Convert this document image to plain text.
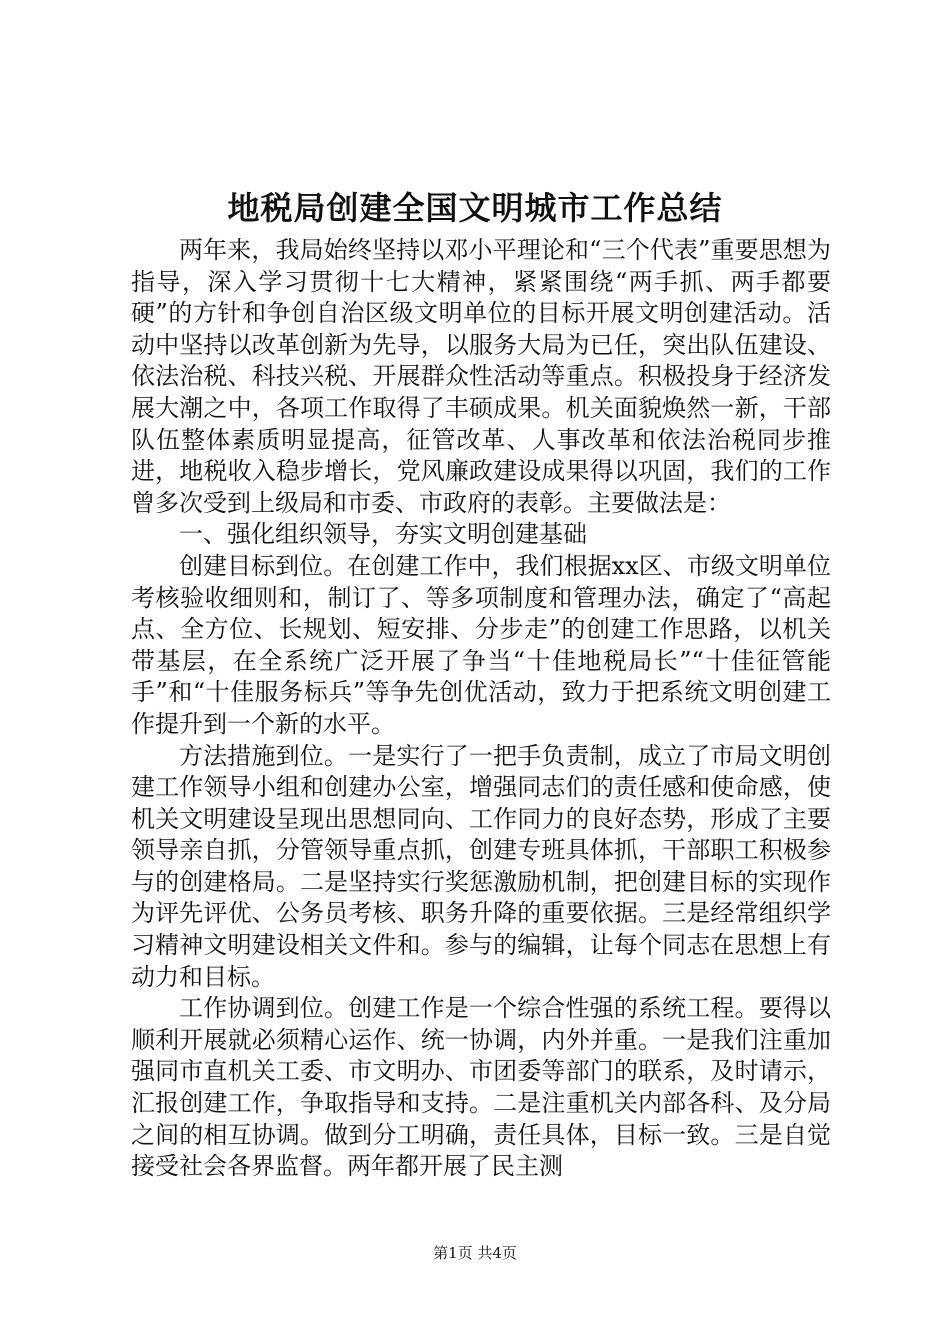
地税局创建全国文明城市工作总结

两年来，我局始终坚持以邓小平理论和“三个代表”重要思想为指导，深入学习贯彻十七大精神，紧紧围绕“两手抓、两手都要硬”的方针和争创自治区级文明单位的目标开展文明创建活动。活动中坚持以改革创新为先导，以服务大局为已任，突出队伍建设、依法治税、科技兴税、开展群众性活动等重点。积极投身于经济发展大潮之中，各项工作取得了丰硕成果。机关面貌焕然一新，干部队伍整体素质明显提高，征管改革、人事改革和依法治税同步推进，地税收入稳步增长，党风廉政建设成果得以巩固，我们的工作曾多次受到上级局和市委、市政府的表彰。主要做法是：

一、强化组织领导，夯实文明创建基础

创建目标到位。在创建工作中，我们根据xx区、市级文明单位考核验收细则和，制订了、等多项制度和管理办法，确定了“高起点、全方位、长规划、短安排、分步走”的创建工作思路，以机关带基层，在全系统广泛开展了争当“十佳地税局长”“十佳征管能手”和“十佳服务标兵”等争先创优活动，致力于把系统文明创建工作提升到一个新的水平。

方法措施到位。一是实行了一把手负责制，成立了市局文明创建工作领导小组和创建办公室，增强同志们的责任感和使命感，使机关文明建设呈现出思想同向、工作同力的良好态势，形成了主要领导亲自抓，分管领导重点抓，创建专班具体抓，干部职工积极参与的创建格局。二是坚持实行奖惩激励机制，把创建目标的实现作为评先评优、公务员考核、职务升降的重要依据。三是经常组织学习精神文明建设相关文件和。参与的编辑，让每个同志在思想上有动力和目标。

工作协调到位。创建工作是一个综合性强的系统工程。要得以顺利开展就必须精心运作、统一协调，内外并重。一是我们注重加强同市直机关工委、市文明办、市团委等部门的联系，及时请示，汇报创建工作，争取指导和支持。二是注重机关内部各科、及分局之间的相互协调。做到分工明确，责任具体，目标一致。三是自觉接受社会各界监督。两年都开展了民主测

第1页 共4页
